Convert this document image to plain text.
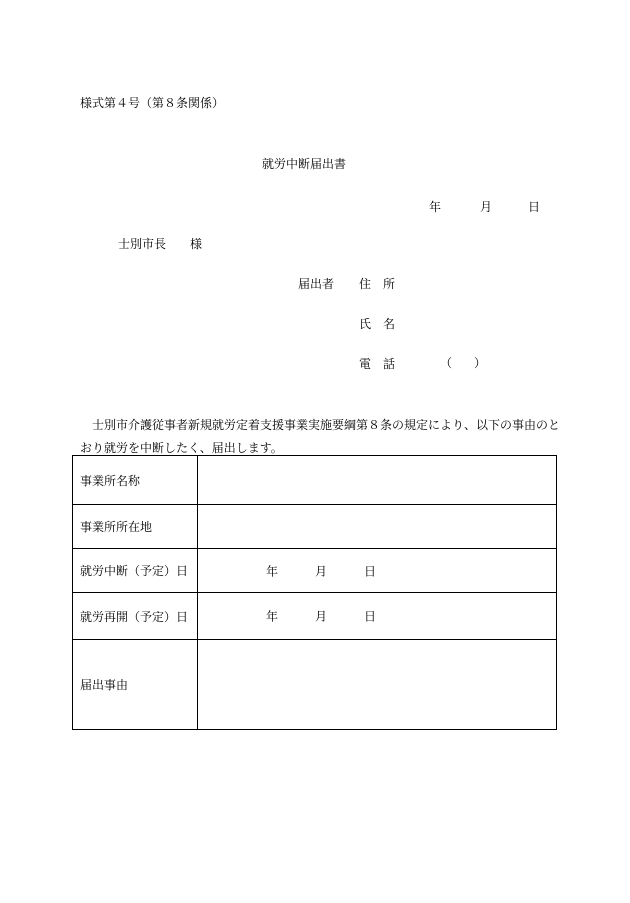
様式第４号（第８条関係）
就労中断届出書
年	月	日
士別市長 様
届出者 住所
氏名
電話	（ ）
士別市介護従事者新規就労定着支援事業実施要綱第８条の規定により、以下の事由のとおり就労を中断したく、届出します。
事業所名称	
事業所所在地	
就労中断（予定）日	年 月 日

就労再開（予定）日	年 月 日

届出事由	
